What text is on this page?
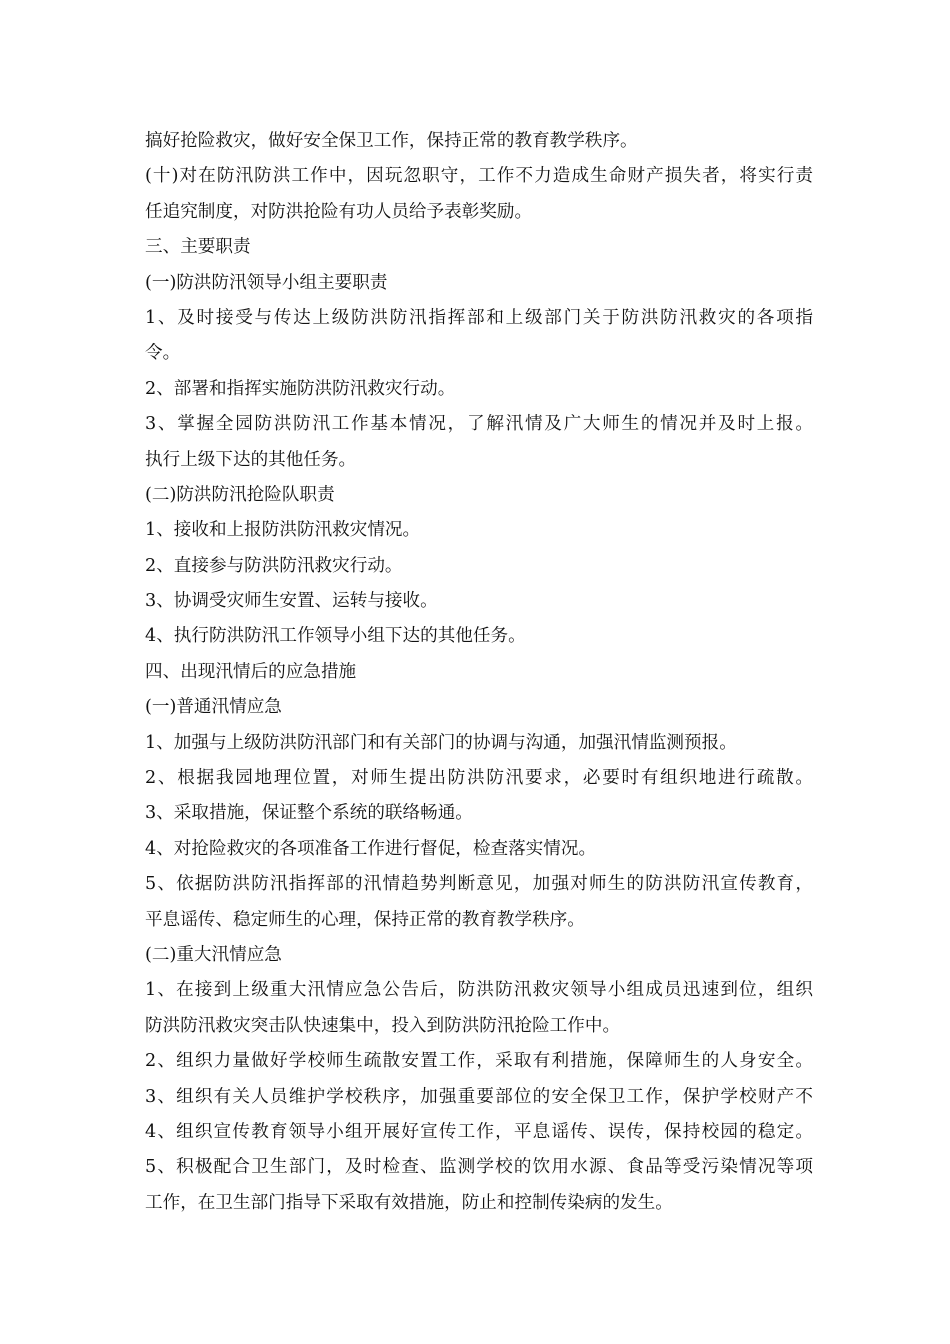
搞好抢险救灾，做好安全保卫工作，保持正常的教育教学秩序。
(十)对在防汛防洪工作中，因玩忽职守，工作不力造成生命财产损失者，将实行责
任追究制度，对防洪抢险有功人员给予表彰奖励。
三、主要职责
(一)防洪防汛领导小组主要职责
1、及时接受与传达上级防洪防汛指挥部和上级部门关于防洪防汛救灾的各项指
令。
2、部署和指挥实施防洪防汛救灾行动。
3、掌握全园防洪防汛工作基本情况，了解汛情及广大师生的情况并及时上报。
执行上级下达的其他任务。
(二)防洪防汛抢险队职责
1、接收和上报防洪防汛救灾情况。
2、直接参与防洪防汛救灾行动。
3、协调受灾师生安置、运转与接收。
4、执行防洪防汛工作领导小组下达的其他任务。
四、出现汛情后的应急措施
(一)普通汛情应急
1、加强与上级防洪防汛部门和有关部门的协调与沟通，加强汛情监测预报。
2、根据我园地理位置，对师生提出防洪防汛要求，必要时有组织地进行疏散。
3、采取措施，保证整个系统的联络畅通。
4、对抢险救灾的各项准备工作进行督促，检查落实情况。
5、依据防洪防汛指挥部的汛情趋势判断意见，加强对师生的防洪防汛宣传教育，
平息谣传、稳定师生的心理，保持正常的教育教学秩序。
(二)重大汛情应急
1、在接到上级重大汛情应急公告后，防洪防汛救灾领导小组成员迅速到位，组织
防洪防汛救灾突击队快速集中，投入到防洪防汛抢险工作中。
2、组织力量做好学校师生疏散安置工作，采取有利措施，保障师生的人身安全。
3、组织有关人员维护学校秩序，加强重要部位的安全保卫工作，保护学校财产不
4、组织宣传教育领导小组开展好宣传工作，平息谣传、误传，保持校园的稳定。
5、积极配合卫生部门，及时检查、监测学校的饮用水源、食品等受污染情况等项
工作，在卫生部门指导下采取有效措施，防止和控制传染病的发生。
